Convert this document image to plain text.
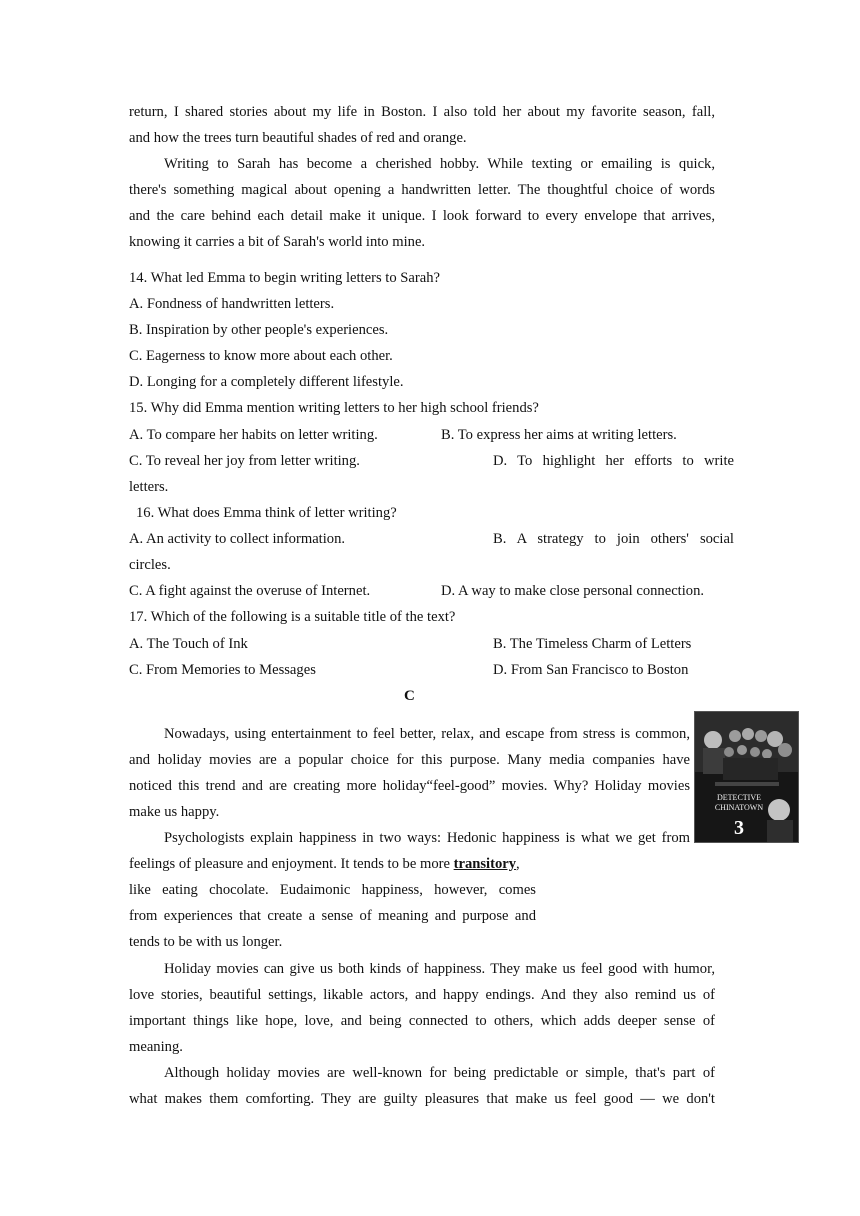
return, I shared stories about my life in Boston. I also told her about my favorite season, fall,
and how the trees turn beautiful shades of red and orange.
Writing to Sarah has become a cherished hobby. While texting or emailing is quick,
there's something magical about opening a handwritten letter. The thoughtful choice of words
and the care behind each detail make it unique. I look forward to every envelope that arrives,
knowing it carries a bit of Sarah's world into mine.
14. What led Emma to begin writing letters to Sarah?
A. Fondness of handwritten letters.
B. Inspiration by other people's experiences.
C. Eagerness to know more about each other.
D. Longing for a completely different lifestyle.
15. Why did Emma mention writing letters to her high school friends?
A. To compare her habits on letter writing.	B. To express her aims at writing letters.
C. To reveal her joy from letter writing.	D. To highlight her efforts to write
letters.
16. What does Emma think of letter writing?
A. An activity to collect information.	B. A strategy to join others' social
circles.
C. A fight against the overuse of Internet.	D. A way to make close personal connection.
17. Which of the following is a suitable title of the text?
A. The Touch of Ink	B. The Timeless Charm of Letters
C. From Memories to Messages	D. From San Francisco to Boston
C
Nowadays, using entertainment to feel better, relax, and escape from stress is common,
and holiday movies are a popular choice for this purpose. Many media companies have
noticed this trend and are creating more holiday“feel-good” movies. Why? Holiday movies
make us happy.
Psychologists explain happiness in two ways: Hedonic happiness is what we get from
feelings of pleasure and enjoyment. It tends to be more transitory,
like eating chocolate. Eudaimonic happiness, however, comes
from experiences that create a sense of meaning and purpose and
tends to be with us longer.
Holiday movies can give us both kinds of happiness. They make us feel good with humor,
love stories, beautiful settings, likable actors, and happy endings. And they also remind us of
important things like hope, love, and being connected to others, which adds deeper sense of
meaning.
Although holiday movies are well-known for being predictable or simple, that's part of
what makes them comforting. They are guilty pleasures that make us feel good — we don't
DETECTIVE
CHINATOWN
3
